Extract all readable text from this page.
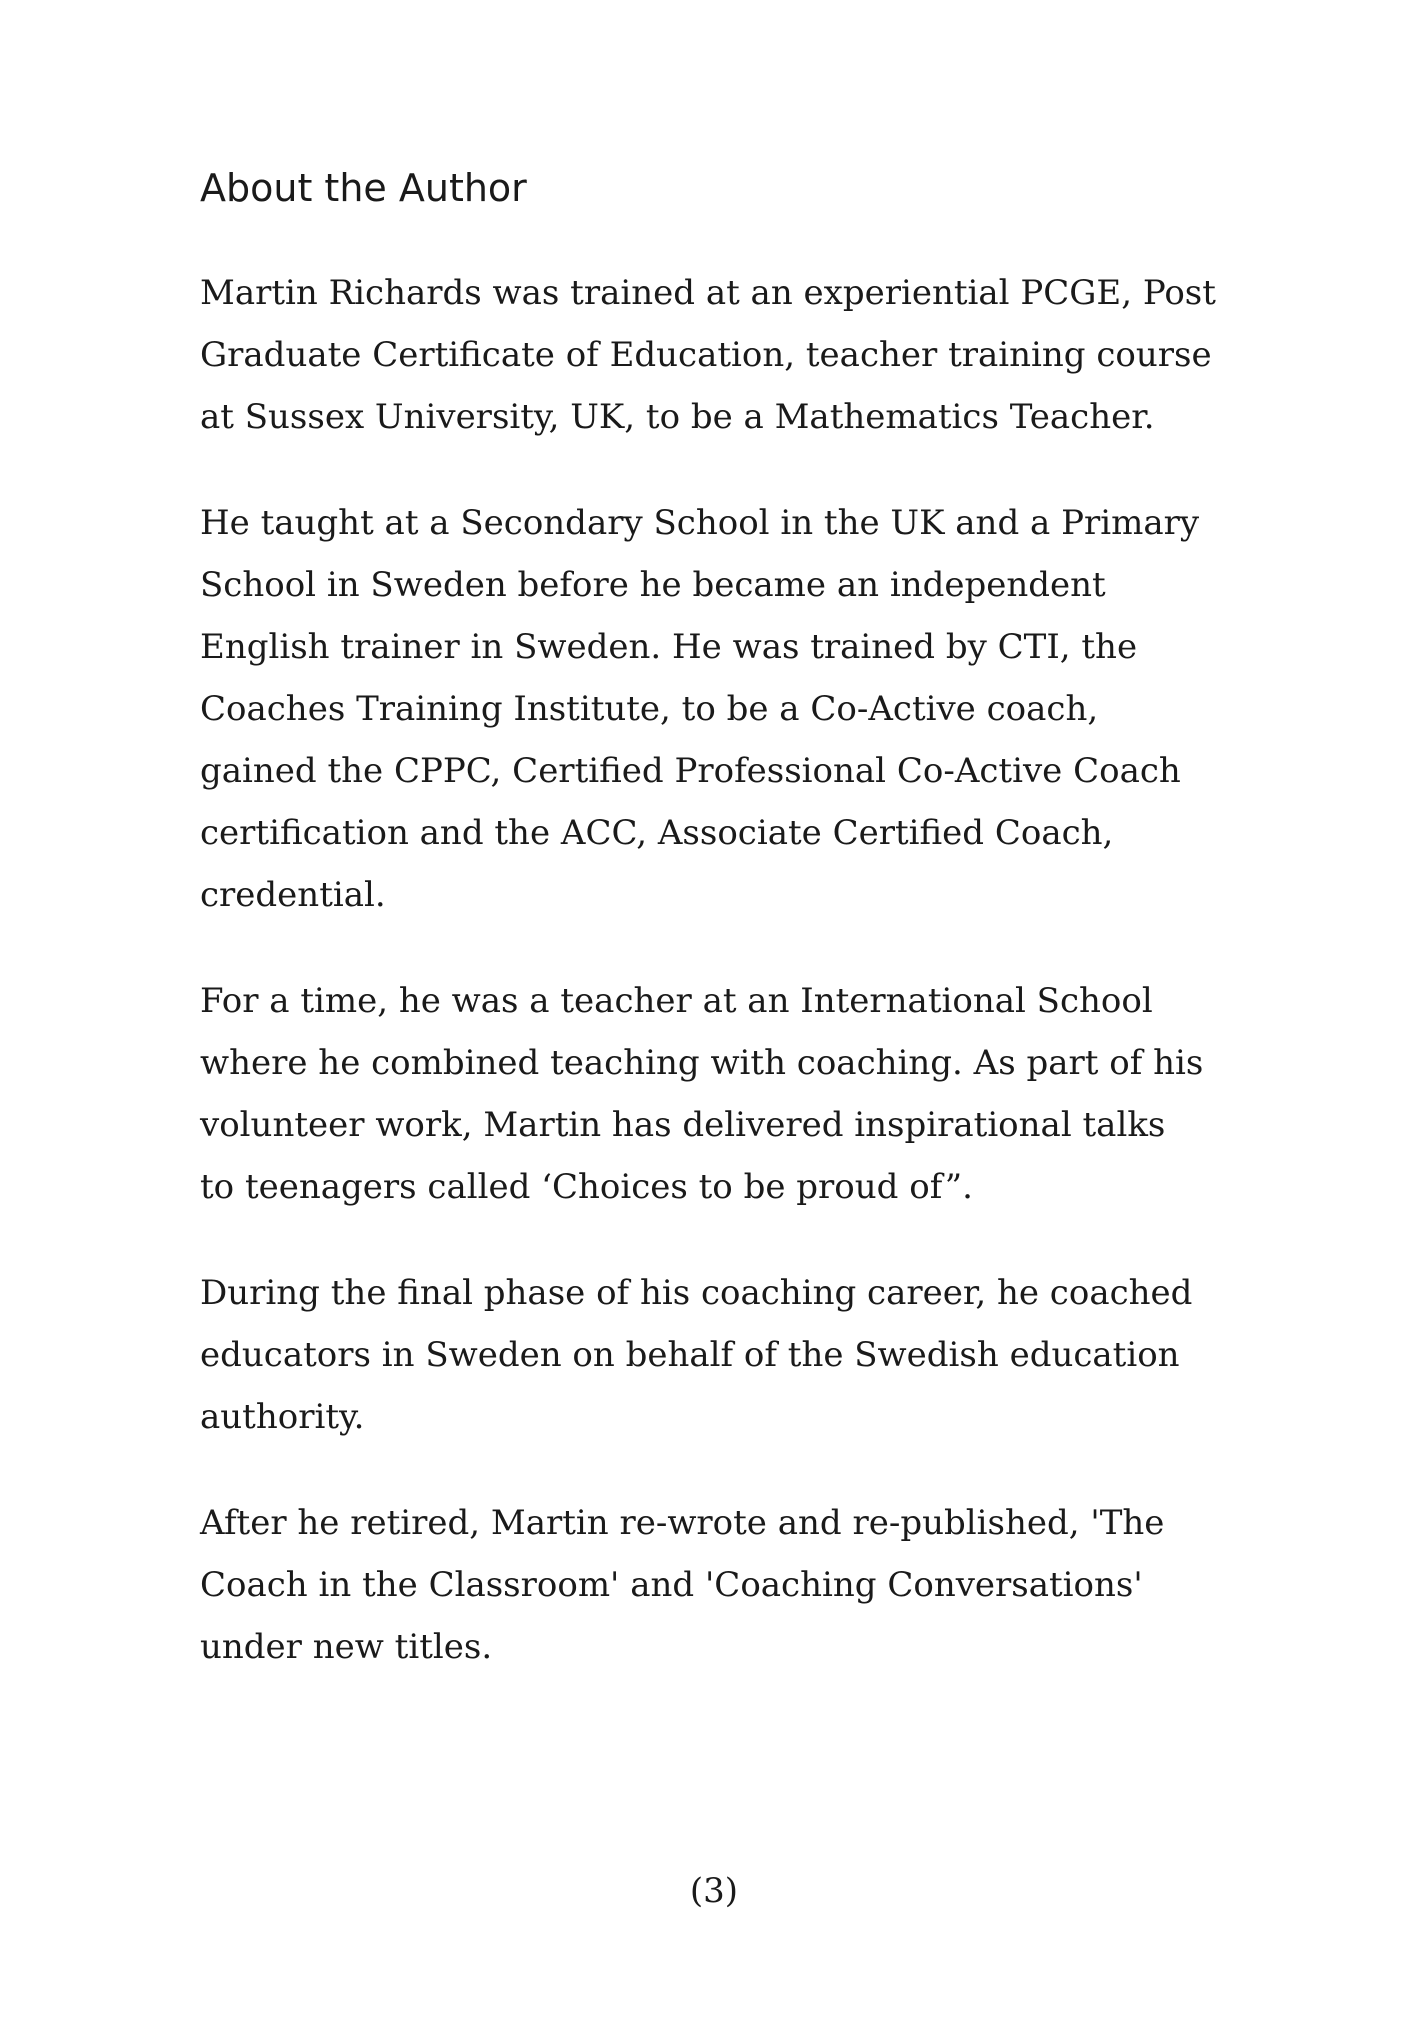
About the Author

Martin Richards was trained at an experiential PCGE, Post
Graduate Certificate of Education, teacher training course
at Sussex University, UK, to be a Mathematics Teacher.

He taught at a Secondary School in the UK and a Primary
School in Sweden before he became an independent
English trainer in Sweden. He was trained by CTI, the
Coaches Training Institute, to be a Co-Active coach,
gained the CPPC, Certified Professional Co-Active Coach
certification and the ACC, Associate Certified Coach,
credential.

For a time, he was a teacher at an International School
where he combined teaching with coaching. As part of his
volunteer work, Martin has delivered inspirational talks
to teenagers called ‘Choices to be proud of”.

During the final phase of his coaching career, he coached
educators in Sweden on behalf of the Swedish education
authority.

After he retired, Martin re-wrote and re-published, 'The
Coach in the Classroom' and 'Coaching Conversations'
under new titles.

(3)
